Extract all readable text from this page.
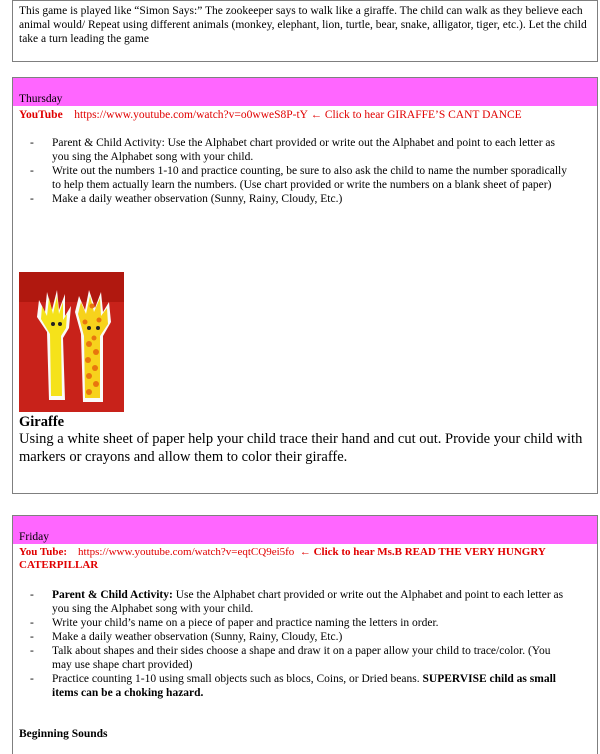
This game is played like “Simon Says:” The zookeeper says to walk like a giraffe. The child can walk as they believe each animal would/ Repeat using different animals (monkey, elephant, lion, turtle, bear, snake, alligator, tiger, etc.). Let the child take a turn leading the game
Thursday
YouTube https://www.youtube.com/watch?v=o0wweS8P-tY ← Click to hear GIRAFFE’S CANT DANCE
- Parent & Child Activity: Use the Alphabet chart provided or write out the Alphabet and point to each letter as you sing the Alphabet song with your child.
- Write out the numbers 1-10 and practice counting, be sure to also ask the child to name the number sporadically to help them actually learn the numbers. (Use chart provided or write the numbers on a blank sheet of paper)
- Make a daily weather observation (Sunny, Rainy, Cloudy, Etc.)
Giraffe
Using a white sheet of paper help your child trace their hand and cut out. Provide your child with markers or crayons and allow them to color their giraffe.
Friday
You Tube: https://www.youtube.com/watch?v=eqtCQ9ei5fo ← Click to hear Ms.B READ THE VERY HUNGRY CATERPILLAR
- Parent & Child Activity: Use the Alphabet chart provided or write out the Alphabet and point to each letter as you sing the Alphabet song with your child.
- Write your child’s name on a piece of paper and practice naming the letters in order.
- Make a daily weather observation (Sunny, Rainy, Cloudy, Etc.)
- Talk about shapes and their sides choose a shape and draw it on a paper allow your child to trace/color. (You may use shape chart provided)
- Practice counting 1-10 using small objects such as blocs, Coins, or Dried beans. SUPERVISE child as small items can be a choking hazard.
Beginning Sounds
